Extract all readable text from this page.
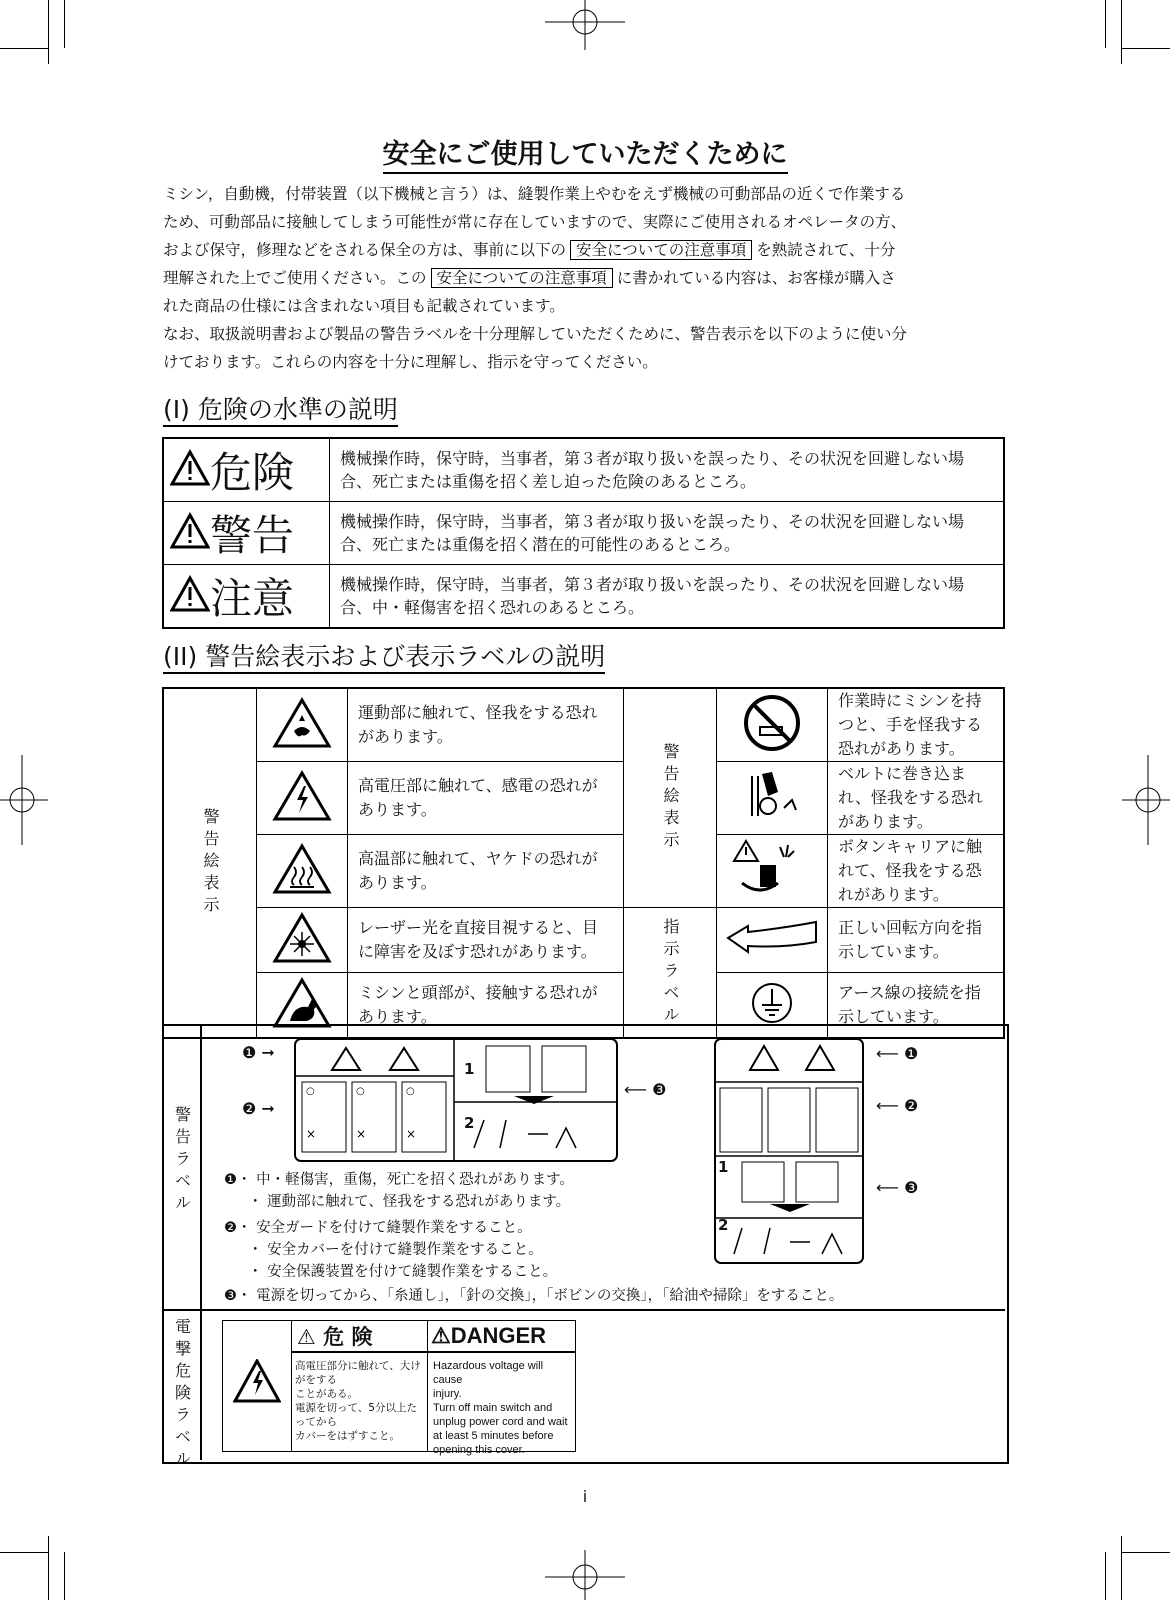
安全にご使用していただくために

ミシン，自動機，付帯装置（以下機械と言う）は、縫製作業上やむをえず機械の可動部品の近くで作業する

ため、可動部品に接触してしまう可能性が常に存在していますので、実際にご使用されるオペレータの方、

および保守，修理などをされる保全の方は、事前に以下の 安全についての注意事項 を熟読されて、十分

理解された上でご使用ください。この 安全についての注意事項 に書かれている内容は、お客様が購入さ

れた商品の仕様には含まれない項目も記載されています。

なお、取扱説明書および製品の警告ラベルを十分理解していただくために、警告表示を以下のように使い分

けております。これらの内容を十分に理解し、指示を守ってください。

(I) 危険の水準の説明
危険	機械操作時，保守時，当事者，第３者が取り扱いを誤ったり、その状況を回避しない場合、死亡または重傷を招く差し迫った危険のあるところ。
警告	機械操作時，保守時，当事者，第３者が取り扱いを誤ったり、その状況を回避しない場合、死亡または重傷を招く潜在的可能性のあるところ。
注意	機械操作時，保守時，当事者，第３者が取り扱いを誤ったり、その状況を回避しない場合、中・軽傷害を招く恐れのあるところ。
(II) 警告絵表示および表示ラベルの説明
警告絵表示		運動部に触れて、怪我をする恐れがあります。	警告絵表示		作業時にミシンを持つと、手を怪我する恐れがあります。
	高電圧部に触れて、感電の恐れがあります。			ベルトに巻き込まれ、怪我をする恐れがあります。
	高温部に触れて、ヤケドの恐れがあります。			ボタンキャリアに触れて、怪我をする恐れがあります。
	レーザー光を直接目視すると、目に障害を及ぼす恐れがあります。	指示ラベル		正しい回転方向を指示しています。
	ミシンと頭部が、接触する恐れがあります。			アース線の接続を指示しています。
警告ラベル
電撃危険ラベル
❶ ➞
❷ ➞
⟵ ❸
○
×
○
×
○
×
1
2
1
2
⟵ ❶
⟵ ❷
⟵ ❸
❶・ 中・軽傷害，重傷，死亡を招く恐れがあります。
・ 運動部に触れて、怪我をする恐れがあります。
❷・ 安全ガードを付けて縫製作業をすること。
・ 安全カバーを付けて縫製作業をすること。
・ 安全保護装置を付けて縫製作業をすること。
❸・ 電源を切ってから、「糸通し」，「針の交換」，「ボビンの交換」，「給油や掃除」をすること。
⚠ 危 険
高電圧部分に触れて、大けがをする
ことがある。
電源を切って、5分以上たってから
カバーをはずすこと。
⚠DANGER
Hazardous voltage will cause
injury.
Turn off main switch and
unplug power cord and wait
at least 5 minutes before
opening this cover.
i
